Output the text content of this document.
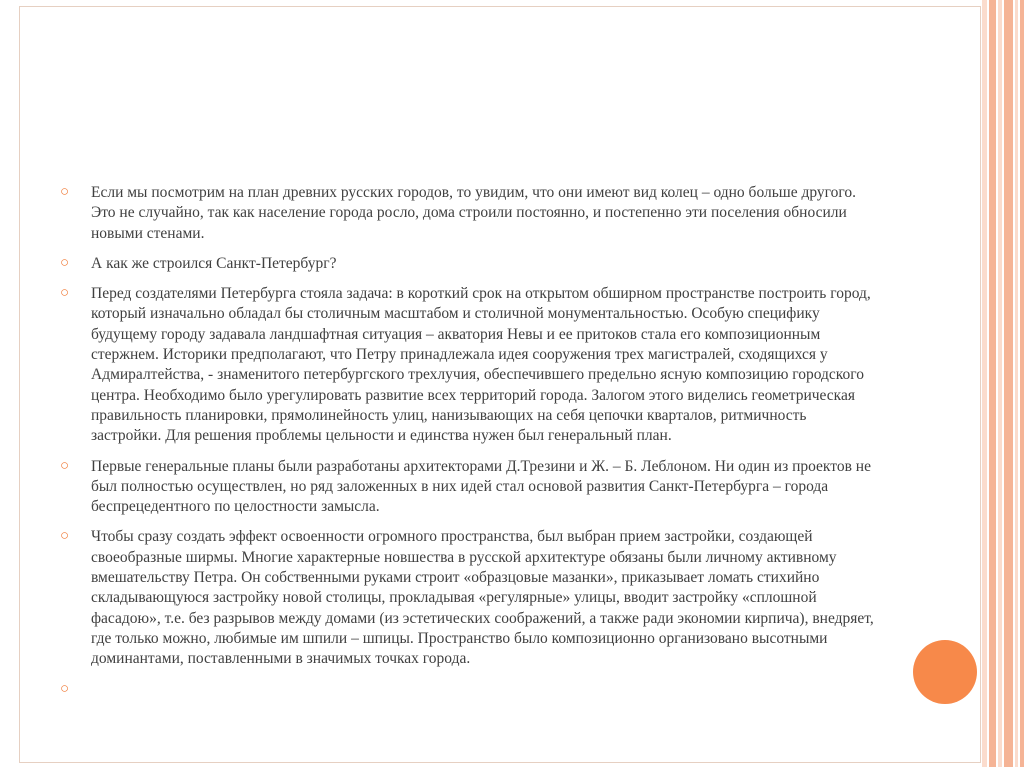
○ Если мы посмотрим на план древних русских городов, то увидим, что они имеют вид колец – одно больше другого. Это не случайно, так как население города росло, дома строили постоянно, и постепенно эти поселения обносили новыми стенами.
○ А как же строился Санкт-Петербург?
○ Перед создателями Петербурга стояла задача: в короткий срок на открытом обширном пространстве построить город, который изначально обладал бы столичным масштабом и столичной монументальностью. Особую специфику будущему городу задавала ландшафтная ситуация – акватория Невы и ее притоков стала его композиционным стержнем. Историки предполагают, что Петру принадлежала идея сооружения трех магистралей, сходящихся у Адмиралтейства, - знаменитого петербургского трехлучия, обеспечившего предельно ясную композицию городского центра. Необходимо было урегулировать развитие всех территорий города. Залогом этого виделись геометрическая правильность планировки, прямолинейность улиц, нанизывающих на себя цепочки кварталов, ритмичность застройки. Для решения проблемы цельности и единства нужен был генеральный план.
○ Первые генеральные планы были разработаны архитекторами Д.Трезини и Ж. – Б. Леблоном. Ни один из проектов не был полностью осуществлен, но ряд заложенных в них идей стал основой развития Санкт-Петербурга – города беспрецедентного по целостности замысла.
○ Чтобы сразу создать эффект освоенности огромного пространства, был выбран прием застройки, создающей своеобразные ширмы. Многие характерные новшества в русской архитектуре обязаны были личному активному вмешательству Петра. Он собственными руками строит «образцовые мазанки», приказывает ломать стихийно складывающуюся застройку новой столицы, прокладывая «регулярные» улицы, вводит застройку «сплошной фасадою», т.е. без разрывов между домами (из эстетических соображений, а также ради экономии кирпича), внедряет, где только можно, любимые им шпили – шпицы. Пространство было композиционно организовано высотными доминантами, поставленными в значимых точках города.
○
